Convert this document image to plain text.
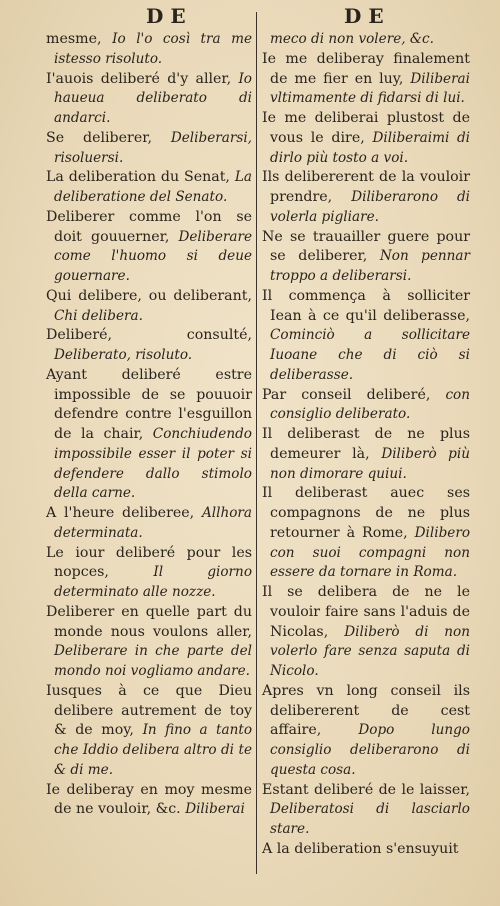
DE	DE

mesme, Io l'o così tra me istesso risoluto.

I'auois deliberé d'y aller, Io haueua deliberato di andarci.

Se deliberer, Deliberarsi, risoluersi.

La deliberation du Senat, La deliberatione del Senato.

Deliberer comme l'on se doit gouuerner, Deliberare come l'huomo si deue gouernare.

Qui delibere, ou deliberant, Chi delibera.

Deliberé, consulté, Deliberato, risoluto.

Ayant deliberé estre impossible de se pouuoir defendre contre l'esguillon de la chair, Conchiudendo impossibile esser il poter si defendere dallo stimolo della carne.

A l'heure deliberee, Allhora determinata.

Le iour deliberé pour les nopces,	Il giorno determinato alle nozze.

Deliberer en quelle part du monde nous voulons aller, Deliberare in che parte del mondo noi vogliamo andare.

Iusques à ce que Dieu delibere autrement de toy & de moy, In fino a tanto che Iddio delibera altro di te & di me.

Ie deliberay en moy mesme de ne vouloir, &c. Diliberai

meco di non volere, &c.

Ie me deliberay finalement de me fier en luy, Diliberai vltimamente di fidarsi di lui.

Ie me deliberai plustost de vous le dire, Diliberaimi di dirlo più tosto a voi.

Ils delibererent de la vouloir prendre, Diliberarono di volerla pigliare.

Ne se trauailler guere pour se deliberer, Non pennar troppo a deliberarsi.

Il commença à solliciter Iean à ce qu'il deliberasse, Cominciò a sollicitare Iuoane che di ciò si deliberasse.

Par conseil deliberé, con consiglio deliberato.

Il deliberast de ne plus demeurer là, Diliberò più non dimorare quiui.

Il deliberast auec ses compagnons de ne plus retourner à Rome, Dilibero con suoi compagni non essere da tornare in Roma.

Il se delibera de ne le vouloir faire sans l'aduis de Nicolas, Diliberò di non volerlo fare senza saputa di Nicolo.

Apres vn long conseil ils delibererent de cest affaire,	Dopo lungo consiglio deliberarono di questa cosa.

Estant deliberé de le laisser, Deliberatosi di lasciarlo stare.

A la deliberation s'ensuyuit
